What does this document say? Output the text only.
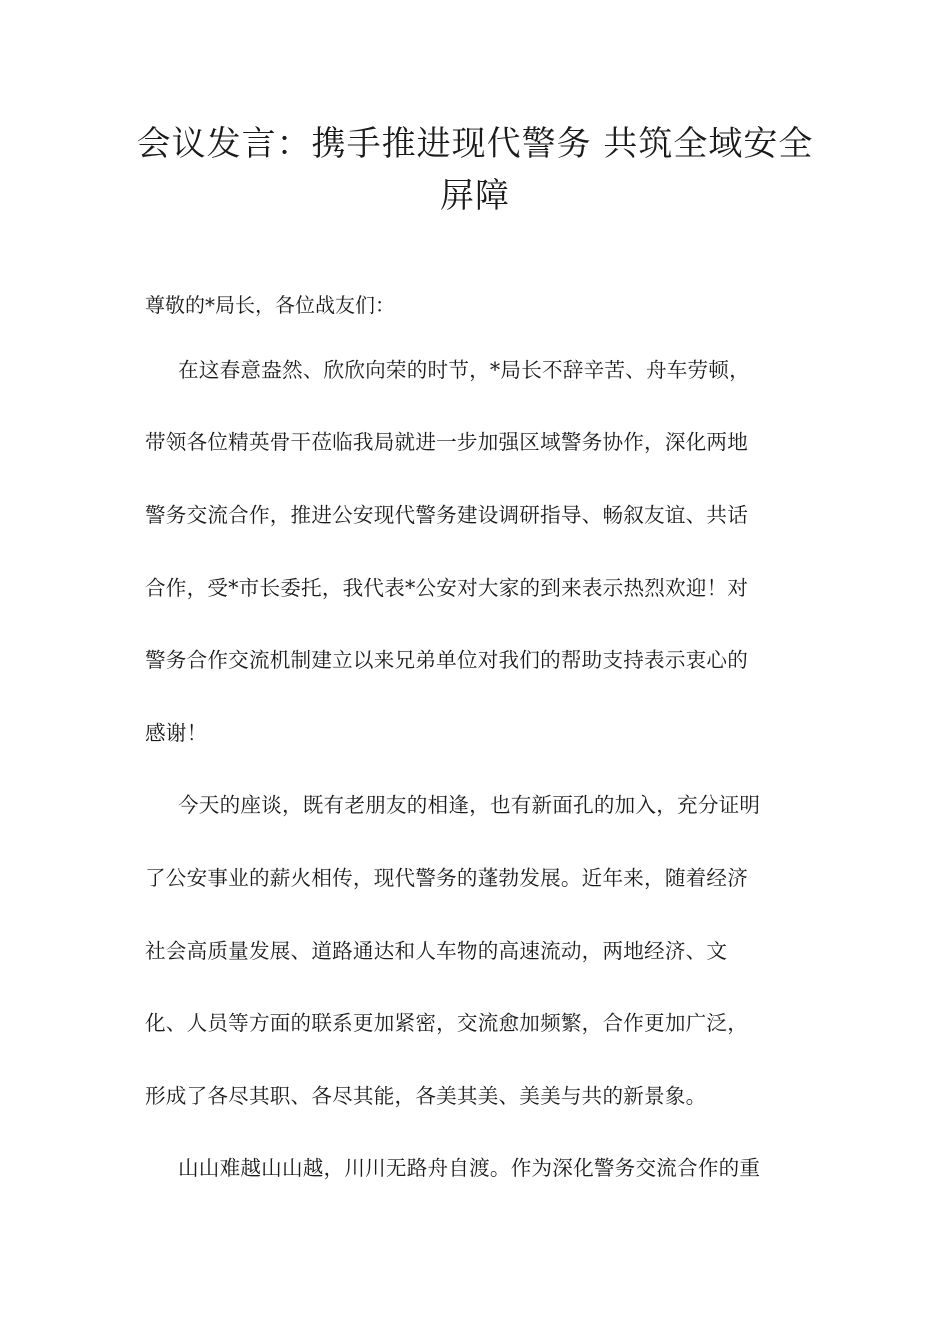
会议发言：携手推进现代警务 共筑全域安全屏障

尊敬的*局长，各位战友们：

在这春意盎然、欣欣向荣的时节，*局长不辞辛苦、舟车劳顿，

带领各位精英骨干莅临我局就进一步加强区域警务协作，深化两地

警务交流合作，推进公安现代警务建设调研指导、畅叙友谊、共话

合作，受*市长委托，我代表*公安对大家的到来表示热烈欢迎！对

警务合作交流机制建立以来兄弟单位对我们的帮助支持表示衷心的

感谢！

今天的座谈，既有老朋友的相逢，也有新面孔的加入，充分证明

了公安事业的薪火相传，现代警务的蓬勃发展。近年来，随着经济

社会高质量发展、道路通达和人车物的高速流动，两地经济、文

化、人员等方面的联系更加紧密，交流愈加频繁，合作更加广泛，

形成了各尽其职、各尽其能，各美其美、美美与共的新景象。

山山难越山山越，川川无路舟自渡。作为深化警务交流合作的重
